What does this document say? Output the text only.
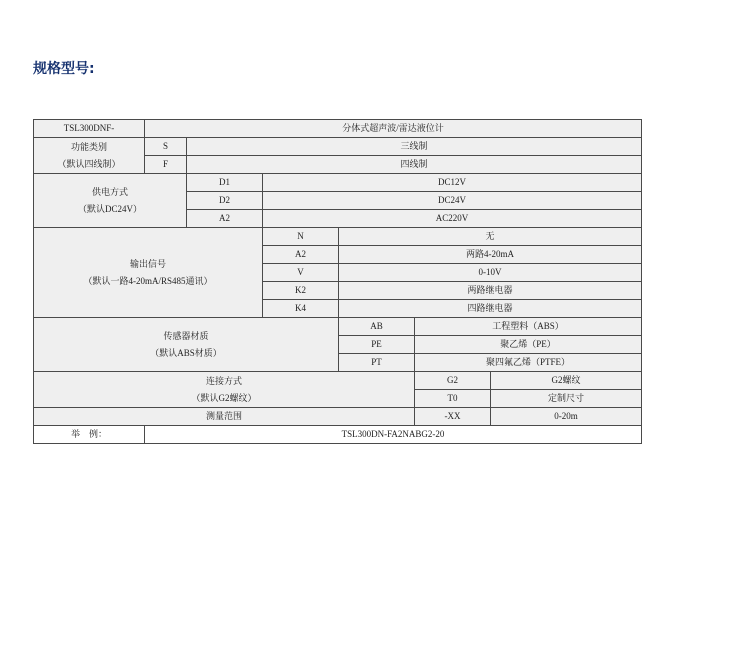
规格型号:
TSL300DNF-	分体式超声波/雷达液位计					

功能类别
（默认四线制）	S	三线制				
	F	四线制				

供电方式
（默认DC24V）		D1	DC12V			
		D2	DC24V			
		A2	AC220V			

输出信号
（默认一路4-20mA/RS485通讯）			N	无		
			A2	两路4-20mA		
			V	0-10V		
			K2	两路继电器		
			K4	四路继电器		

传感器材质
（默认ABS材质）				AB	工程塑料（ABS）	
				PE	聚乙烯（PE）	
				PT	聚四氟乙烯（PTFE）	

连接方式
（默认G2螺纹）					G2	G2螺纹
					T0	定制尺寸
测量范围					-XX	0-20m
举    例：	TSL300DN-FA2NABG2-20					
